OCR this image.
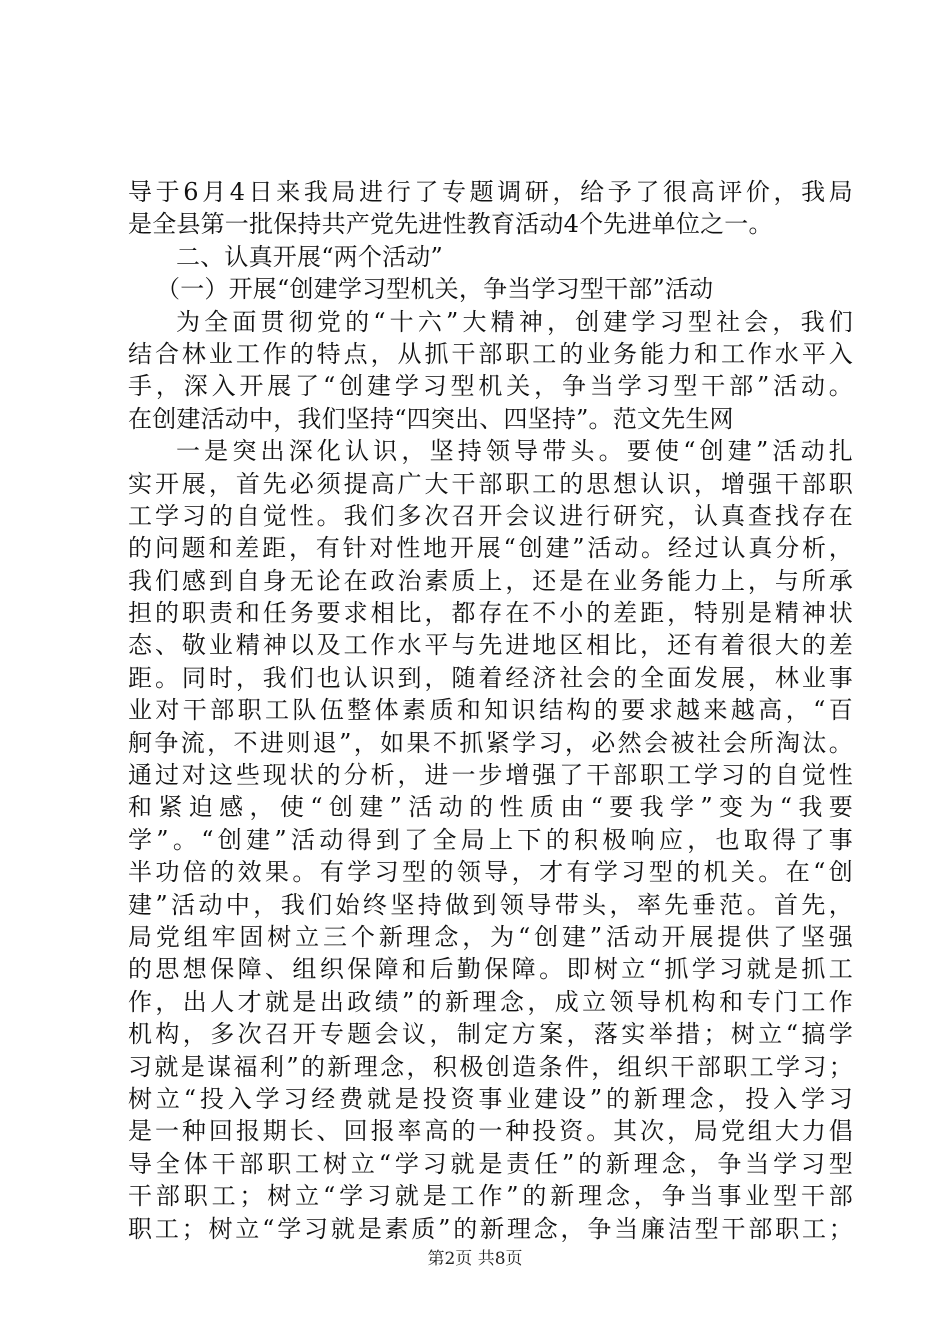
导于6月4日来我局进行了专题调研，给予了很高评价，我局
是全县第一批保持共产党先进性教育活动4个先进单位之一。
二、认真开展“两个活动”
（一）开展“创建学习型机关，争当学习型干部”活动
为全面贯彻党的“十六”大精神，创建学习型社会，我们
结合林业工作的特点，从抓干部职工的业务能力和工作水平入
手，深入开展了“创建学习型机关，争当学习型干部”活动。
在创建活动中，我们坚持“四突出、四坚持”。范文先生网
一是突出深化认识，坚持领导带头。要使“创建”活动扎
实开展，首先必须提高广大干部职工的思想认识，增强干部职
工学习的自觉性。我们多次召开会议进行研究，认真查找存在
的问题和差距，有针对性地开展“创建”活动。经过认真分析，
我们感到自身无论在政治素质上，还是在业务能力上，与所承
担的职责和任务要求相比，都存在不小的差距，特别是精神状
态、敬业精神以及工作水平与先进地区相比，还有着很大的差
距。同时，我们也认识到，随着经济社会的全面发展，林业事
业对干部职工队伍整体素质和知识结构的要求越来越高，“百
舸争流，不进则退”，如果不抓紧学习，必然会被社会所淘汰。
通过对这些现状的分析，进一步增强了干部职工学习的自觉性
和紧迫感，使“创建”活动的性质由“要我学”变为“我要
学”。“创建”活动得到了全局上下的积极响应，也取得了事
半功倍的效果。有学习型的领导，才有学习型的机关。在“创
建”活动中，我们始终坚持做到领导带头，率先垂范。首先，
局党组牢固树立三个新理念，为“创建”活动开展提供了坚强
的思想保障、组织保障和后勤保障。即树立“抓学习就是抓工
作，出人才就是出政绩”的新理念，成立领导机构和专门工作
机构，多次召开专题会议，制定方案，落实举措；树立“搞学
习就是谋福利”的新理念，积极创造条件，组织干部职工学习；
树立“投入学习经费就是投资事业建设”的新理念，投入学习
是一种回报期长、回报率高的一种投资。其次，局党组大力倡
导全体干部职工树立“学习就是责任”的新理念，争当学习型
干部职工；树立“学习就是工作”的新理念，争当事业型干部
职工；树立“学习就是素质”的新理念，争当廉洁型干部职工；
第2页 共8页
